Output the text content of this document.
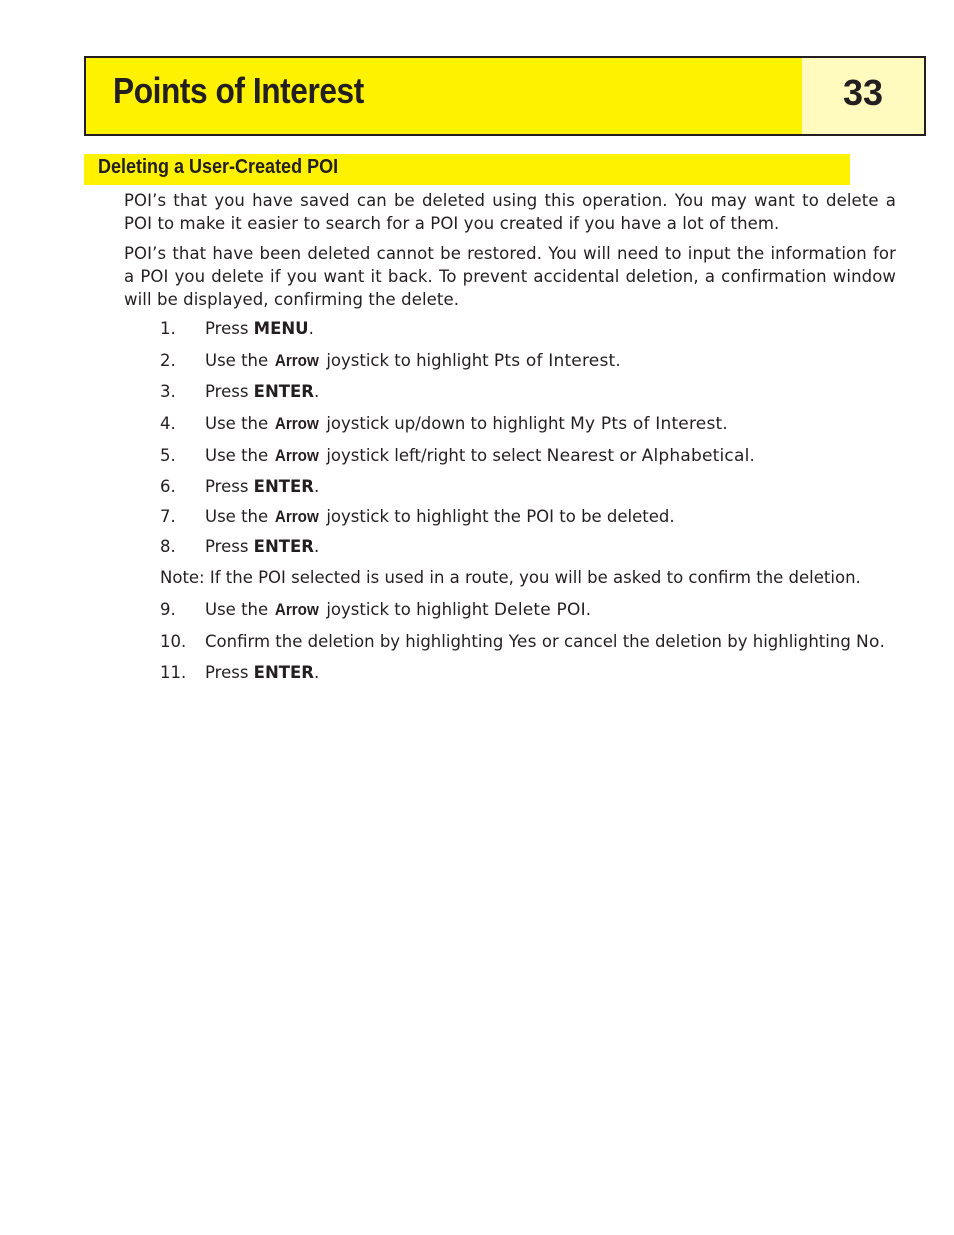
Points of Interest	33
Deleting a User-Created POI
POI’s that you have saved can be deleted using this operation. You may want to delete a POI to make it easier to search for a POI you created if you have a lot of them.
POI’s that have been deleted cannot be restored. You will need to input the information for a POI you delete if you want it back. To prevent accidental deletion, a confirmation window will be displayed, confirming the delete.
1. Press MENU.
2. Use the Arrow joystick to highlight Pts of Interest.
3. Press ENTER.
4. Use the Arrow joystick up/down to highlight My Pts of Interest.
5. Use the Arrow joystick left/right to select Nearest or Alphabetical.
6. Press ENTER.
7. Use the Arrow joystick to highlight the POI to be deleted.
8. Press ENTER.
Note: If the POI selected is used in a route, you will be asked to confirm the deletion.
9. Use the Arrow joystick to highlight Delete POI.
10. Confirm the deletion by highlighting Yes or cancel the deletion by highlighting No.
11. Press ENTER.
